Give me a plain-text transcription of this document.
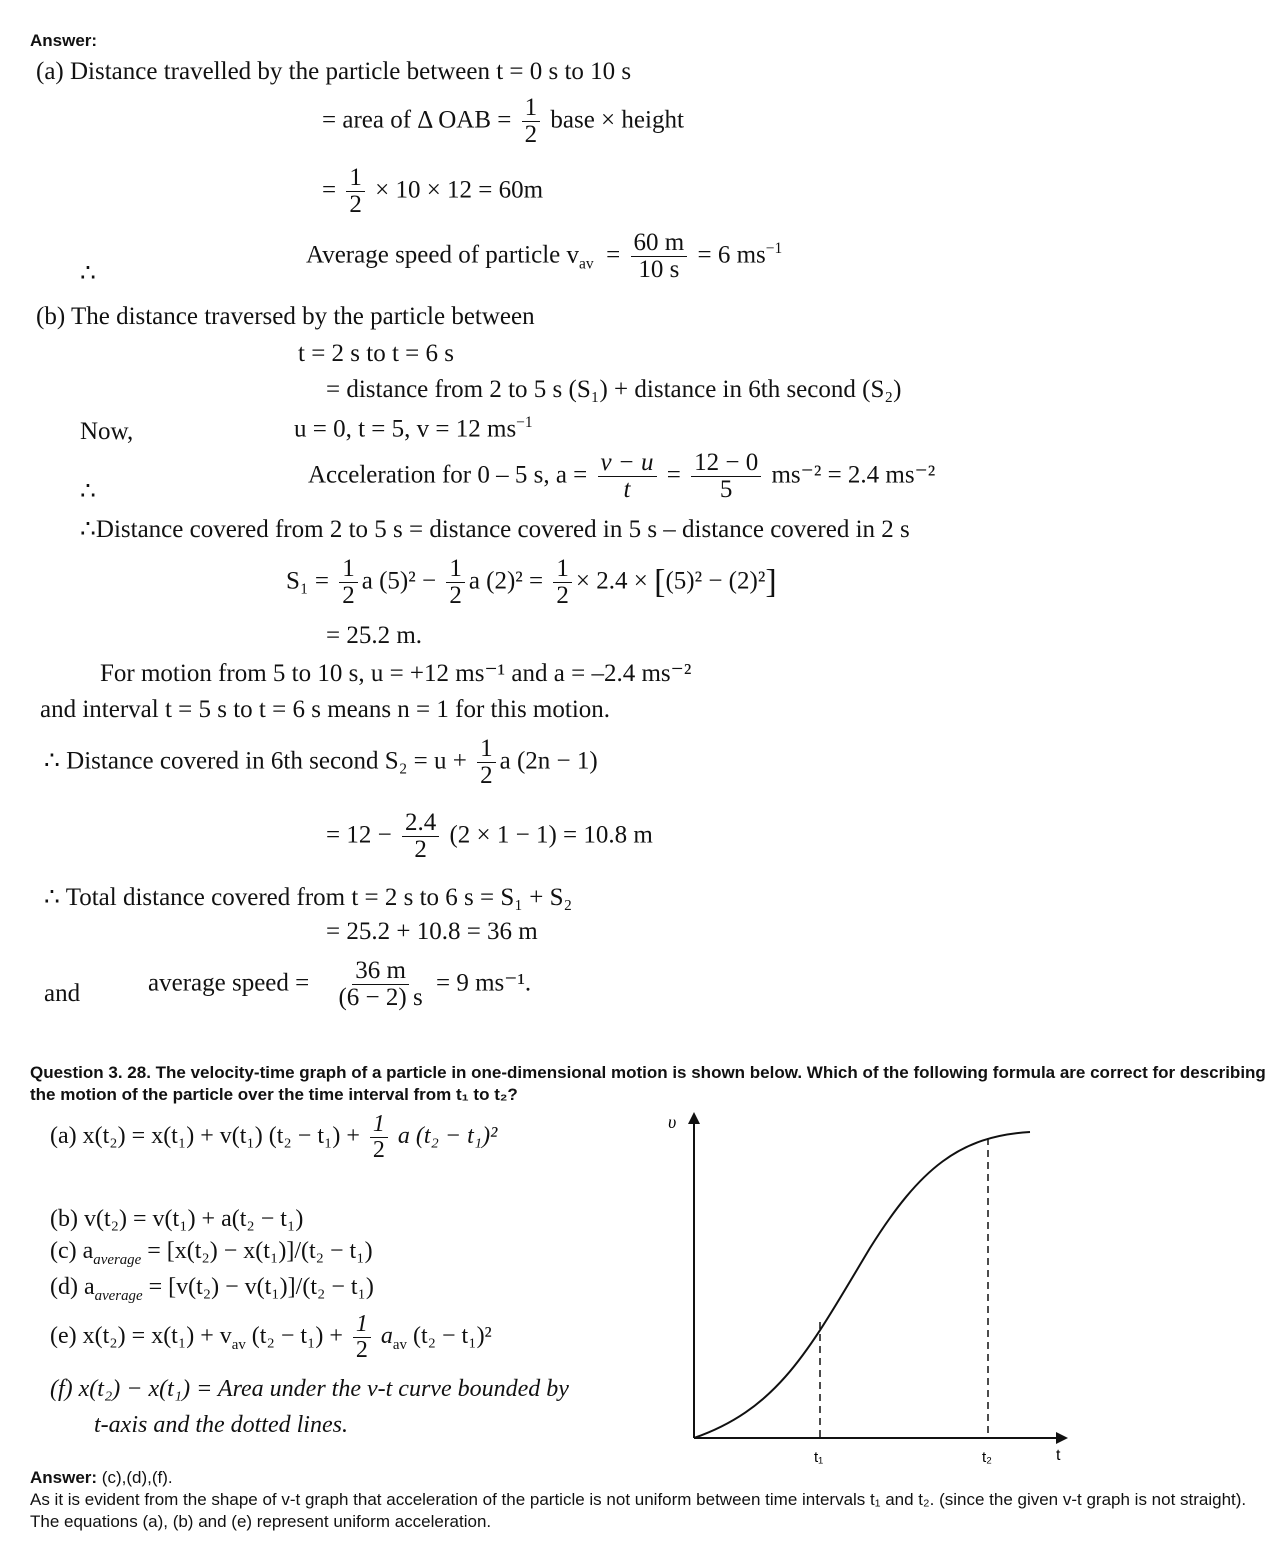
Answer:
(a) Distance travelled by the particle between t = 0 s to 10 s
= area of Δ OAB = $\frac{1}{2}$ base × height
= $\frac{1}{2} \times 10 \times 12 = 60m$
∴
Average speed of particle $v_{av} = \frac{60 m}{10 s} = 6$ $ms^{-1}$
(b) The distance traversed by the particle between
t = 2 s to t = 6 s
= distance from 2 to 5 s (S₁) + distance in 6th second (S₂)
Now,	u = 0, t = 5, v = 12 $ms^{-1}$
∴
Acceleration for 0 – 5 s, $a = \frac{v - u}{t} = \frac{12 - 0}{5} ms^{-2} = 2.4$ ms⁻²
∴Distance covered from 2 to 5 s = distance covered in 5 s – distance covered in 2 s
$S_1 = \frac{1}{2}$ a $(5)^2 - \frac{1}{2}$ a $(2)^2 = \frac{1}{2} \times 2.4 \times [(5)^2 - (2)^2]$
= 25.2 m.
For motion from 5 to 10 s, u = +12 ms⁻¹ and a = –2.4 ms⁻²
and interval t = 5 s to t = 6 s means n = 1 for this motion.
∴ Distance covered in 6th second $S_2 = u + \frac{1}{2}$ a (2n − 1)
= $12 - \frac{2.4}{2} (2 \times 1 - 1) = 10.8$ m
∴ Total distance covered from t = 2 s to 6 s = S₁ + S₂
= 25.2 + 10.8 = 36 m
and	average speed = $\frac{36 m}{(6 - 2) s} = 9$ ms⁻¹.
Question 3. 28. The velocity-time graph of a particle in one-dimensional motion is shown below. Which of the following formula are correct for describing the motion of the particle over the time interval from t₁ to t₂?
(a) x(t₂) = x(t₁) + v(t₁) $(t_2 - t_1) + \frac{1}{2}$ a (t₂ − t₁)²
(b) v(t₂) = v(t₁) + a(t₂ − t₁)
(c) $a_{average} = [x(t_2) - x(t_1)]/(t_2 - t_1)$
(d) $a_{average} = [v(t_2) - v(t_1)]/(t_2 - t_1)$
(e) $x(t_2) = x(t_1) + v_{av}$ $(t_2 - t_1) + \frac{1}{2} a_{av}$ (t₂ − t₁)²
(f) x(t₂) − x(t₁) = Area under the v-t curve bounded by
t-axis and the dotted lines.
υ
t
t₁	t₂
Answer: (c),(d),(f).
As it is evident from the shape of v-t graph that acceleration of the particle is not uniform between time intervals t₁ and t₂. (since the given v-t graph is not straight). The equations (a), (b) and (e) represent uniform acceleration.
